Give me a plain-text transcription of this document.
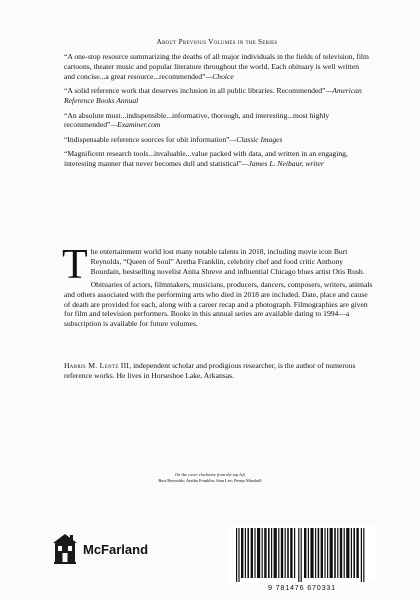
About Previous Volumes in the Series

“A one-stop resource summarizing the deaths of all major individuals in the fields of television, film cartoons, theater music and popular literature throughout the world. Each obituary is well written and concise...a great resource...recommended”—Choice

“A solid reference work that deserves inclusion in all public libraries. Recommended”—American Reference Books Annual

“An absolute must...indispensible...informative, thorough, and interesting...most highly recommended”—Examiner.com

“Indispensable reference sources for obit information”—Classic Images

“Magnificent research tools...invaluable...value packed with data, and written in an engaging, interesting manner that never becomes dull and statistical”—James L. Neibaur, writer

The entertainment world lost many notable talents in 2018, including movie icon Burt Reynolds, “Queen of Soul” Aretha Franklin, celebrity chef and food critic Anthony Bourdain, bestselling novelist Anita Shreve and influential Chicago blues artist Otis Rush.

Obituaries of actors, filmmakers, musicians, producers, dancers, composers, writers, animals and others associated with the performing arts who died in 2018 are included. Date, place and cause of death are provided for each, along with a career recap and a photograph. Filmographies are given for film and television performers. Books in this annual series are available dating to 1994—a subscription is available for future volumes.

Harris M. Lentz III, independent scholar and prodigious researcher, is the author of numerous reference works. He lives in Horseshoe Lake, Arkansas.
On the cover clockwise from the top left
Burt Reynolds; Aretha Franklin; Stan Lee; Penny Marshall
McFarland
9 781476 670331
